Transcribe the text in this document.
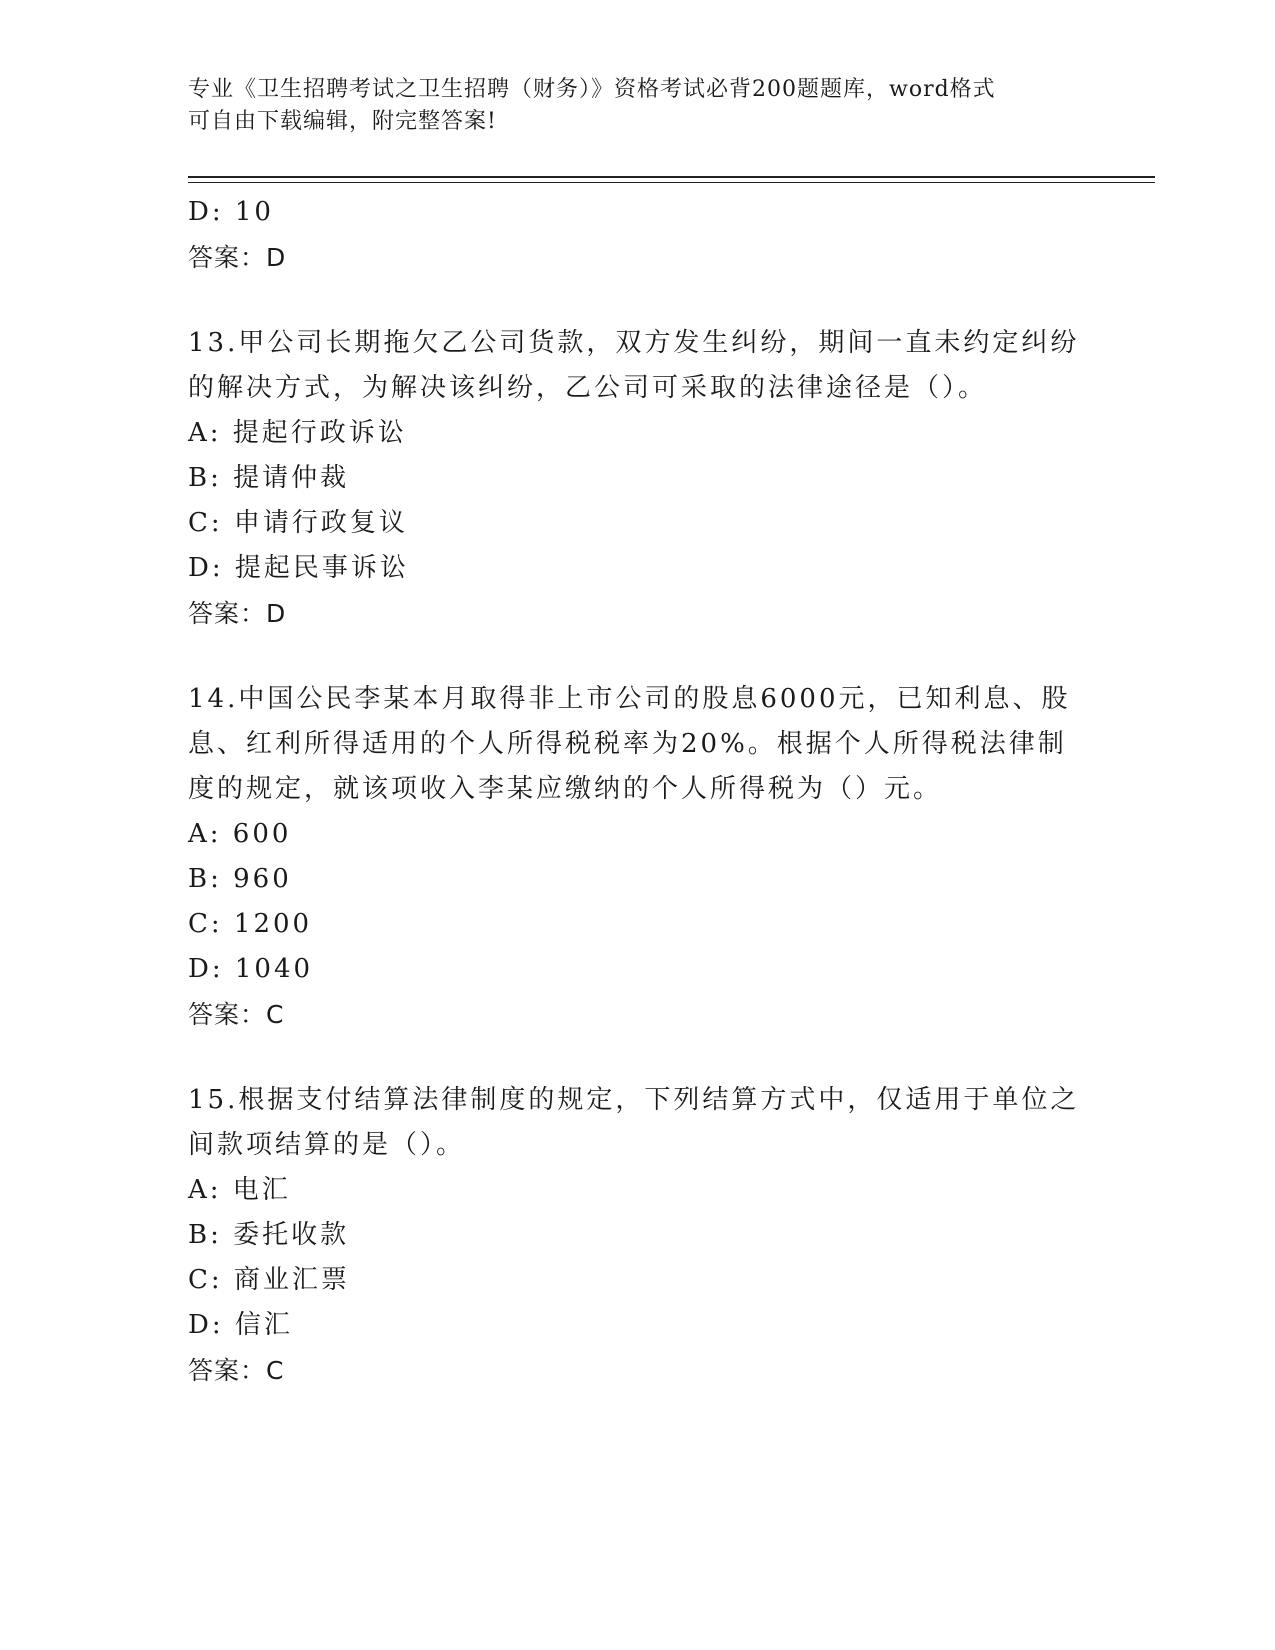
专业《卫生招聘考试之卫生招聘（财务）》资格考试必背200题题库，word格式
可自由下载编辑，附完整答案!
D: 10
答案：D
13.甲公司长期拖欠乙公司货款，双方发生纠纷，期间一直未约定纠纷
的解决方式，为解决该纠纷，乙公司可采取的法律途径是（）。
A: 提起行政诉讼
B: 提请仲裁
C: 申请行政复议
D: 提起民事诉讼
答案：D
14.中国公民李某本月取得非上市公司的股息6000元，已知利息、股
息、红利所得适用的个人所得税税率为20%。根据个人所得税法律制
度的规定，就该项收入李某应缴纳的个人所得税为（）元。
A: 600
B: 960
C: 1200
D: 1040
答案：C
15.根据支付结算法律制度的规定，下列结算方式中，仅适用于单位之
间款项结算的是（）。
A: 电汇
B: 委托收款
C: 商业汇票
D: 信汇
答案：C
